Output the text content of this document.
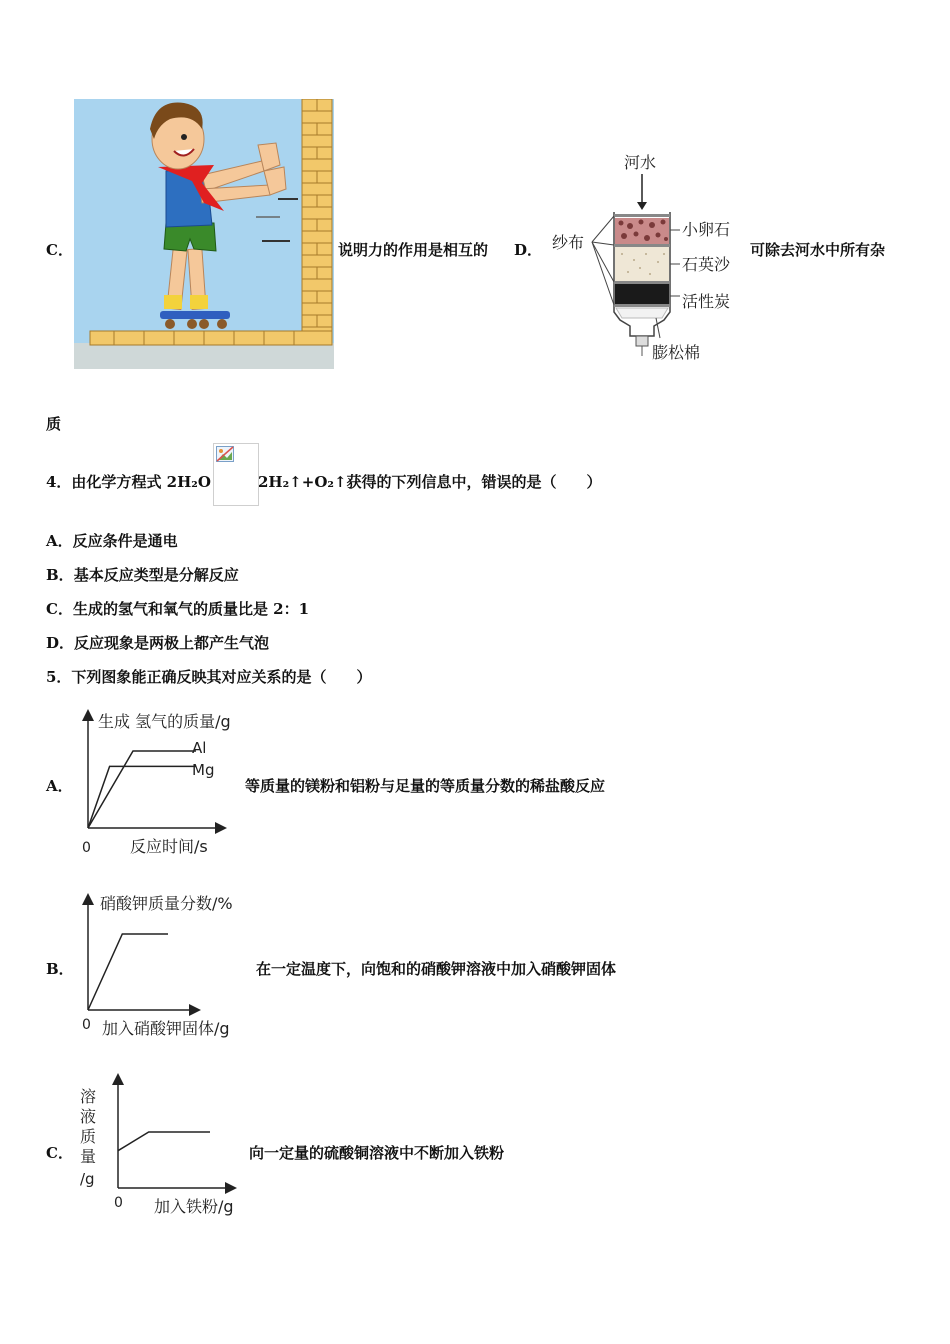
C．	说明力的作用是相互的 D．
河水
纱布
小卵石
石英沙
活性炭
膨松棉
可除去河水中所有杂
质
4．由化学方程式 2H₂O	2H₂↑+O₂↑获得的下列信息中，错误的是（　　）
A．反应条件是通电
B．基本反应类型是分解反应
C．生成的氢气和氧气的质量比是 2：1
D．反应现象是两极上都产生气泡
5．下列图象能正确反映其对应关系的是（　　）
A．
生成 氢气的质量/g
反应时间/s
0
Al
Mg
等质量的镁粉和铝粉与足量的等质量分数的稀盐酸反应
B．
硝酸钾质量分数/%
加入硝酸钾固体/g
0
在一定温度下，向饱和的硝酸钾溶液中加入硝酸钾固体
C．
溶
液
质
量
/g
加入铁粉/g
0
向一定量的硫酸铜溶液中不断加入铁粉
